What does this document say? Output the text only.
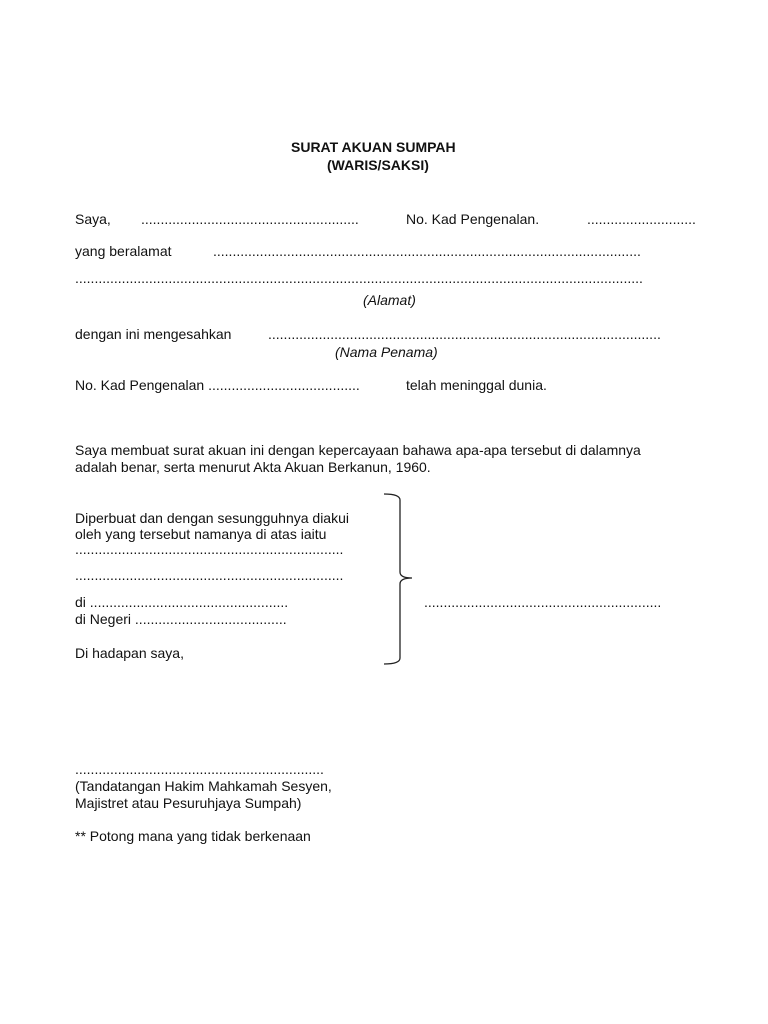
SURAT AKUAN SUMPAH
(WARIS/SAKSI)
Saya, ........................................................	No. Kad Pengenalan.	............................
yang beralamat	..............................................................................................................
..................................................................................................................................................
(Alamat)
dengan ini mengesahkan	.....................................................................................................
(Nama Penama)
No. Kad Pengenalan .......................................	telah meninggal dunia.
Saya membuat surat akuan ini dengan kepercayaan bahawa apa-apa tersebut di dalamnya
adalah benar, serta menurut Akta Akuan Berkanun, 1960.
Diperbuat dan dengan sesungguhnya diakui
oleh yang tersebut namanya di atas iaitu
.....................................................................
.....................................................................
di ...................................................	.............................................................
di Negeri .......................................
Di hadapan saya,
................................................................
(Tandatangan Hakim Mahkamah Sesyen,
Majistret atau Pesuruhjaya Sumpah)
** Potong mana yang tidak berkenaan
